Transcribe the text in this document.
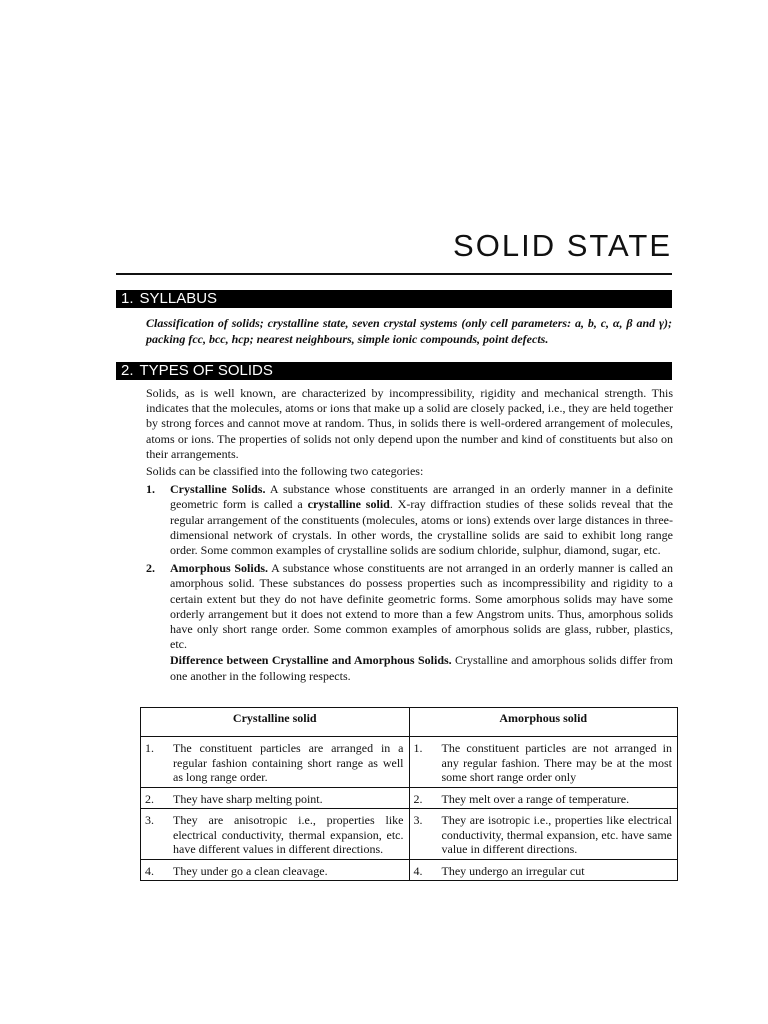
SOLID STATE
1. SYLLABUS

Classification of solids; crystalline state, seven crystal systems (only cell parameters: a, b, c, α, β and γ); packing fcc, bcc, hcp; nearest neighbours, simple ionic compounds, point defects.

2. TYPES OF SOLIDS

Solids, as is well known, are characterized by incompressibility, rigidity and mechanical strength. This indicates that the molecules, atoms or ions that make up a solid are closely packed, i.e., they are held together by strong forces and cannot move at random. Thus, in solids there is well-ordered arrangement of molecules, atoms or ions. The properties of solids not only depend upon the number and kind of constituents but also on their arrangements.

Solids can be classified into the following two categories:

1. Crystalline Solids. A substance whose constituents are arranged in an orderly manner in a definite geometric form is called a crystalline solid. X-ray diffraction studies of these solids reveal that the regular arrangement of the constituents (molecules, atoms or ions) extends over large distances in three-dimensional network of crystals. In other words, the crystalline solids are said to exhibit long range order. Some common examples of crystalline solids are sodium chloride, sulphur, diamond, sugar, etc.

2. Amorphous Solids. A substance whose constituents are not arranged in an orderly manner is called an amorphous solid. These substances do possess properties such as incompressibility and rigidity to a certain extent but they do not have definite geometric forms. Some amorphous solids may have some orderly arrangement but it does not extend to more than a few Angstrom units. Thus, amorphous solids have only short range order. Some common examples of amorphous solids are glass, rubber, plastics, etc.

Difference between Crystalline and Amorphous Solids. Crystalline and amorphous solids differ from one another in the following respects.

Crystalline solid	Amorphous solid

1. The constituent particles are arranged in a regular fashion containing short range as well as long range order.	1. The constituent particles are not arranged in any regular fashion. There may be at the most some short range order only

2. They have sharp melting point.	2. They melt over a range of temperature.

3. They are anisotropic i.e., properties like electrical conductivity, thermal expansion, etc. have different values in different directions.	3. They are isotropic i.e., properties like electrical conductivity, thermal expansion, etc. have same value in different directions.

4. They under go a clean cleavage.	4. They undergo an irregular cut
